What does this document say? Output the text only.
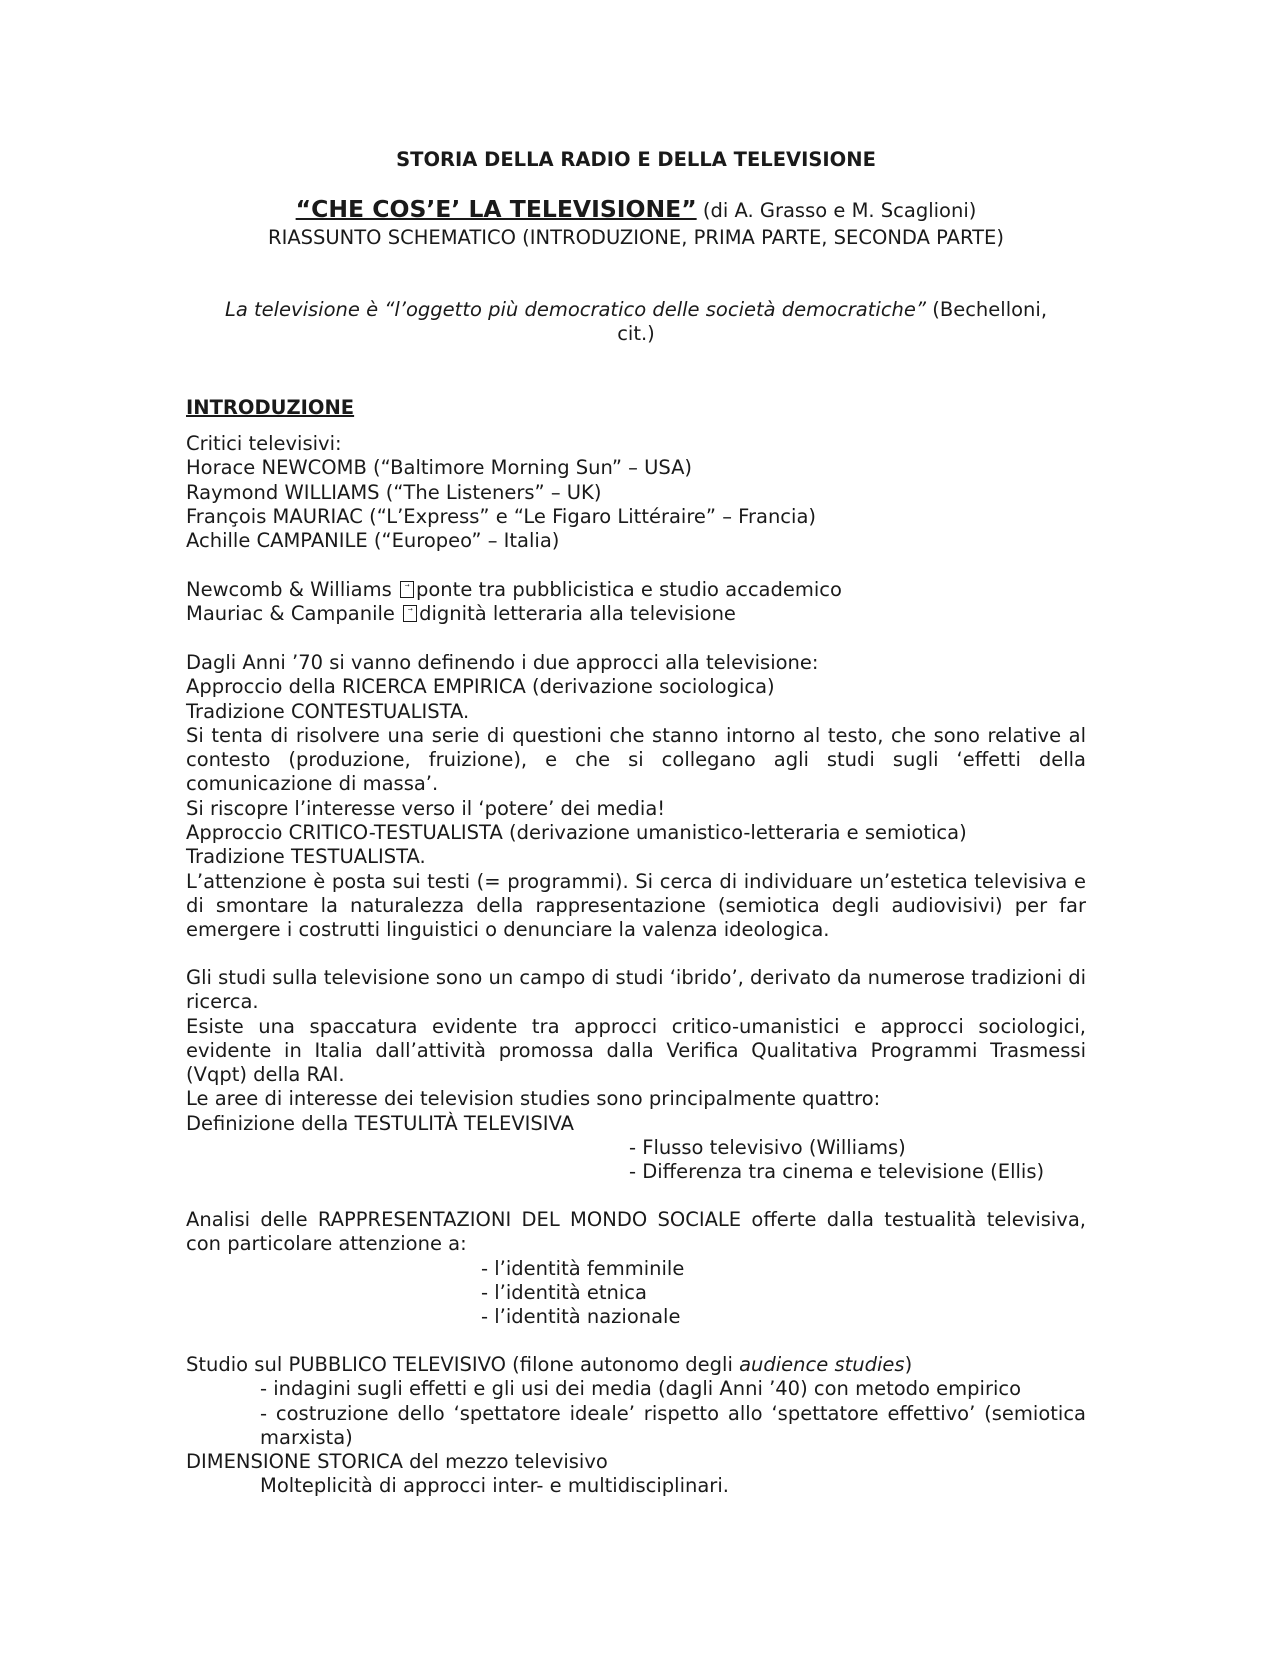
STORIA DELLA RADIO E DELLA TELEVISIONE
“CHE COS’E’ LA TELEVISIONE” (di A. Grasso e M. Scaglioni)
RIASSUNTO SCHEMATICO (INTRODUZIONE, PRIMA PARTE, SECONDA PARTE)
La televisione è “l’oggetto più democratico delle società democratiche” (Bechelloni,
cit.)
INTRODUZIONE
Critici televisivi:
Horace NEWCOMB (“Baltimore Morning Sun” – USA)
Raymond WILLIAMS (“The Listeners” – UK)
François MAURIAC (“L’Express” e “Le Figaro Littéraire” – Francia)
Achille CAMPANILE (“Europeo” – Italia)
Newcomb & Williams → ponte tra pubblicistica e studio accademico
Mauriac & Campanile → dignità letteraria alla televisione
Dagli Anni ’70 si vanno definendo i due approcci alla televisione:
Approccio della RICERCA EMPIRICA (derivazione sociologica)
Tradizione CONTESTUALISTA.
Si tenta di risolvere una serie di questioni che stanno intorno al testo, che sono relative al contesto (produzione, fruizione), e che si collegano agli studi sugli ‘effetti della comunicazione di massa’.
Si riscopre l’interesse verso il ‘potere’ dei media!
Approccio CRITICO-TESTUALISTA (derivazione umanistico-letteraria e semiotica)
Tradizione TESTUALISTA.
L’attenzione è posta sui testi (= programmi). Si cerca di individuare un’estetica televisiva e di smontare la naturalezza della rappresentazione (semiotica degli audiovisivi) per far emergere i costrutti linguistici o denunciare la valenza ideologica.
Gli studi sulla televisione sono un campo di studi ‘ibrido’, derivato da numerose tradizioni di ricerca.
Esiste una spaccatura evidente tra approcci critico-umanistici e approcci sociologici, evidente in Italia dall’attività promossa dalla Verifica Qualitativa Programmi Trasmessi (Vqpt) della RAI.
Le aree di interesse dei television studies sono principalmente quattro:
Definizione della TESTULITÀ TELEVISIVA
- Flusso televisivo (Williams)
- Differenza tra cinema e televisione (Ellis)
Analisi delle RAPPRESENTAZIONI DEL MONDO SOCIALE offerte dalla testualità televisiva, con particolare attenzione a:
- l’identità femminile
- l’identità etnica
- l’identità nazionale
Studio sul PUBBLICO TELEVISIVO (filone autonomo degli audience studies)
- indagini sugli effetti e gli usi dei media (dagli Anni ’40) con metodo empirico
- costruzione dello ‘spettatore ideale’ rispetto allo ‘spettatore effettivo’ (semiotica marxista)
DIMENSIONE STORICA del mezzo televisivo
Molteplicità di approcci inter- e multidisciplinari.
